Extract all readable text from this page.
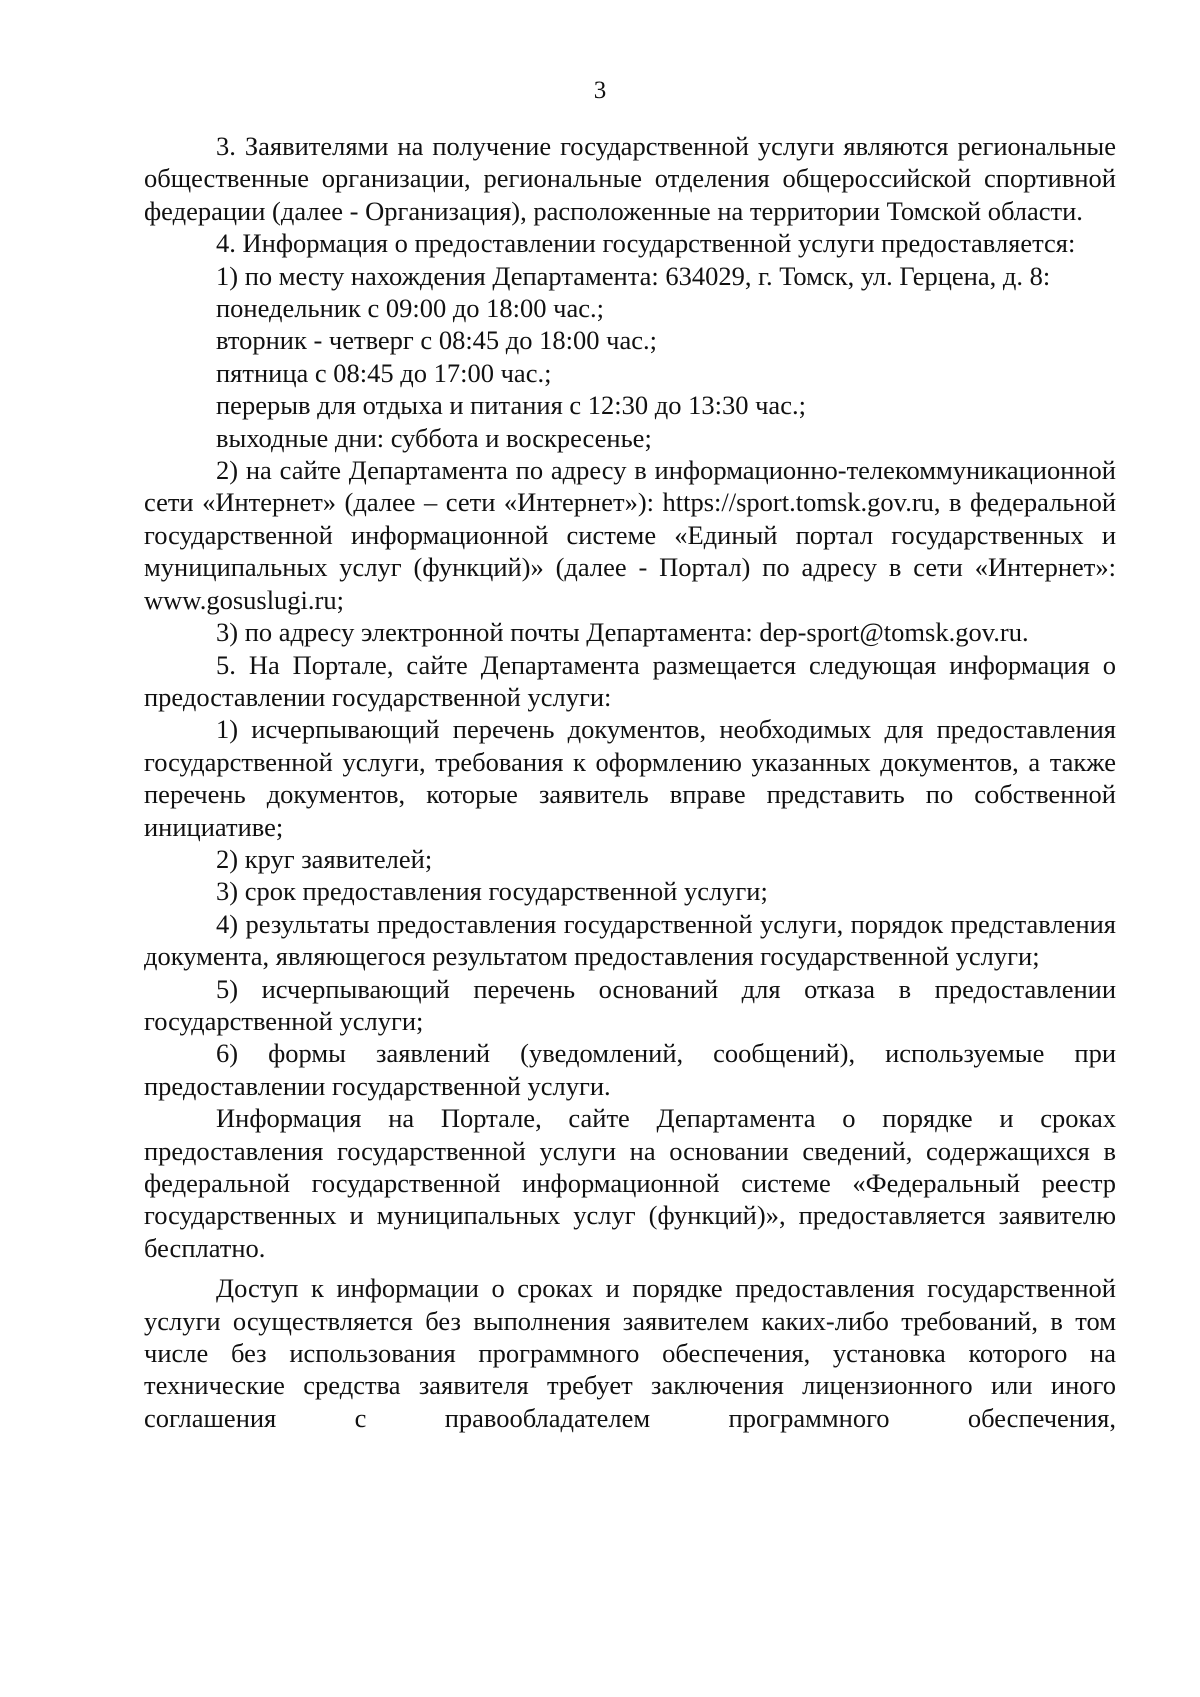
3

3. Заявителями на получение государственной услуги являются региональные общественные организации, региональные отделения общероссийской спортивной федерации (далее - Организация), расположенные на территории Томской области.

4. Информация о предоставлении государственной услуги предоставляется:

1) по месту нахождения Департамента: 634029, г. Томск, ул. Герцена, д. 8:

понедельник с 09:00 до 18:00 час.;

вторник - четверг с 08:45 до 18:00 час.;

пятница с 08:45 до 17:00 час.;

перерыв для отдыха и питания с 12:30 до 13:30 час.;

выходные дни: суббота и воскресенье;

2) на сайте Департамента по адресу в информационно-телекоммуникационной сети «Интернет» (далее – сети «Интернет»): https://sport.tomsk.gov.ru, в федеральной государственной информационной системе «Единый портал государственных и муниципальных услуг (функций)» (далее - Портал) по адресу в сети «Интернет»: www.gosuslugi.ru;

3) по адресу электронной почты Департамента: dep-sport@tomsk.gov.ru.

5. На Портале, сайте Департамента размещается следующая информация о предоставлении государственной услуги:

1) исчерпывающий перечень документов, необходимых для предоставления государственной услуги, требования к оформлению указанных документов, а также перечень документов, которые заявитель вправе представить по собственной инициативе;

2) круг заявителей;

3) срок предоставления государственной услуги;

4) результаты предоставления государственной услуги, порядок представления документа, являющегося результатом предоставления государственной услуги;

5) исчерпывающий перечень оснований для отказа в предоставлении государственной услуги;

6) формы заявлений (уведомлений, сообщений), используемые при предоставлении государственной услуги.

Информация на Портале, сайте Департамента о порядке и сроках предоставления государственной услуги на основании сведений, содержащихся в федеральной государственной информационной системе «Федеральный реестр государственных и муниципальных услуг (функций)», предоставляется заявителю бесплатно.

Доступ к информации о сроках и порядке предоставления государственной услуги осуществляется без выполнения заявителем каких-либо требований, в том числе без использования программного обеспечения, установка которого на технические средства заявителя требует заключения лицензионного или иного соглашения с правообладателем программного обеспечения,
